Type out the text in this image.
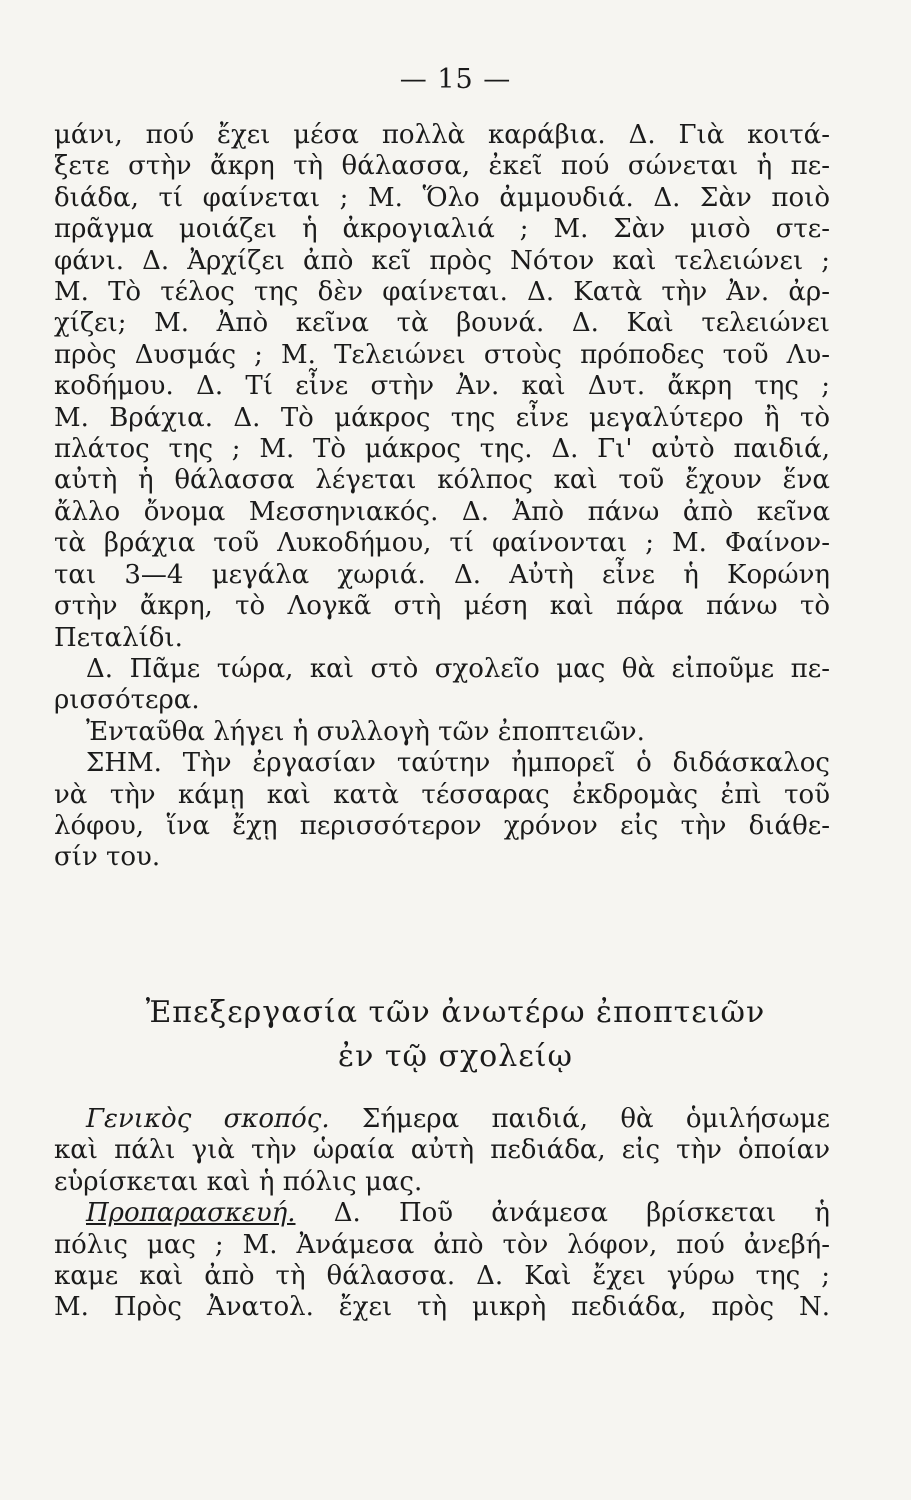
— 15 —
μάνι, πού ἔχει μέσα πολλὰ καράβια. Δ. Γιὰ κοιτά-
ξετε στὴν ἄκρη τὴ θάλασσα, ἐκεῖ πού σώνεται ἡ πε-
διάδα, τί φαίνεται ; Μ. Ὅλο ἀμμουδιά. Δ. Σὰν ποιὸ
πρᾶγμα μοιάζει ἡ ἀκρογιαλιά ; Μ. Σὰν μισὸ στε-
φάνι. Δ. Ἀρχίζει ἀπὸ κεῖ πρὸς Νότον καὶ τελειώνει ;
Μ. Τὸ τέλος της δὲν φαίνεται. Δ. Κατὰ τὴν Ἀν. ἀρ-
χίζει; Μ. Ἀπὸ κεῖνα τὰ βουνά. Δ. Καὶ τελειώνει
πρὸς Δυσμάς ; Μ. Τελειώνει στοὺς πρόποδες τοῦ Λυ-
κοδήμου. Δ. Τί εἶνε στὴν Ἀν. καὶ Δυτ. ἄκρη της ;
Μ. Βράχια. Δ. Τὸ μάκρος της εἶνε μεγαλύτερο ἢ τὸ
πλάτος της ; Μ. Τὸ μάκρος της. Δ. Γι' αὐτὸ παιδιά,
αὐτὴ ἡ θάλασσα λέγεται κόλπος καὶ τοῦ ἔχουν ἕνα
ἄλλο ὄνομα Μεσσηνιακός. Δ. Ἀπὸ πάνω ἀπὸ κεῖνα
τὰ βράχια τοῦ Λυκοδήμου, τί φαίνονται ; Μ. Φαίνον-
ται 3—4 μεγάλα χωριά. Δ. Αὐτὴ εἶνε ἡ Κορώνη
στὴν ἄκρη, τὸ Λογκᾶ στὴ μέση καὶ πάρα πάνω τὸ
Πεταλίδι.
Δ. Πᾶμε τώρα, καὶ στὸ σχολεῖο μας θὰ εἰποῦμε πε-
ρισσότερα.
Ἐνταῦθα λήγει ἡ συλλογὴ τῶν ἐποπτειῶν.
ΣΗΜ. Τὴν ἐργασίαν ταύτην ἠμπορεῖ ὁ διδάσκαλος
νὰ τὴν κάμῃ καὶ κατὰ τέσσαρας ἐκδρομὰς ἐπὶ τοῦ
λόφου, ἵνα ἔχῃ περισσότερον χρόνον εἰς τὴν διάθε-
σίν του.
Ἐπεξεργασία τῶν ἀνωτέρω ἐποπτειῶν
ἐν τῷ σχολείῳ
Γενικὸς σκοπός. Σήμερα παιδιά, θὰ ὁμιλήσωμε
καὶ πάλι γιὰ τὴν ὡραία αὐτὴ πεδιάδα, εἰς τὴν ὁποίαν
εὑρίσκεται καὶ ἡ πόλις μας.
Προπαρασκευή. Δ. Ποῦ ἀνάμεσα βρίσκεται ἡ
πόλις μας ; Μ. Ἀνάμεσα ἀπὸ τὸν λόφον, πού ἀνεβή-
καμε καὶ ἀπὸ τὴ θάλασσα. Δ. Καὶ ἔχει γύρω της ;
Μ. Πρὸς Ἀνατολ. ἔχει τὴ μικρὴ πεδιάδα, πρὸς Ν.
